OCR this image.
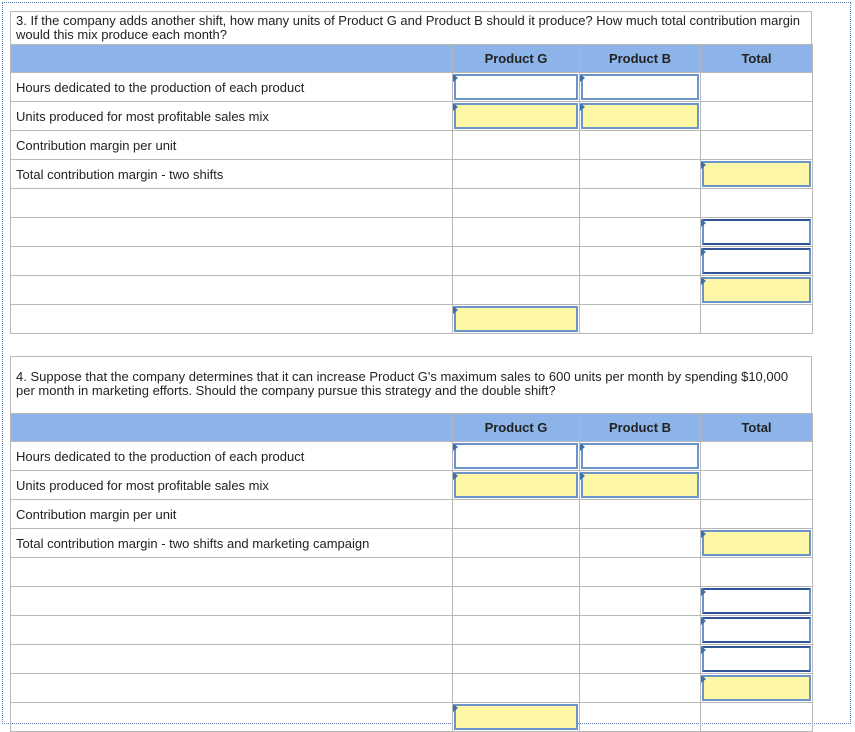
3. If the company adds another shift, how many units of Product G and Product B should it produce? How much total contribution margin would this mix produce each month?
	Product G	Product B	Total
Hours dedicated to the production of each product	

Units produced for most profitable sales mix	

Contribution margin per unit			
Total contribution margin - two shifts			

4. Suppose that the company determines that it can increase Product G's maximum sales to 600 units per month by spending $10,000 per month in marketing efforts. Should the company pursue this strategy and the double shift?
	Product G	Product B	Total
Hours dedicated to the production of each product	

Units produced for most profitable sales mix	

Contribution margin per unit			
Total contribution margin - two shifts and marketing campaign			
